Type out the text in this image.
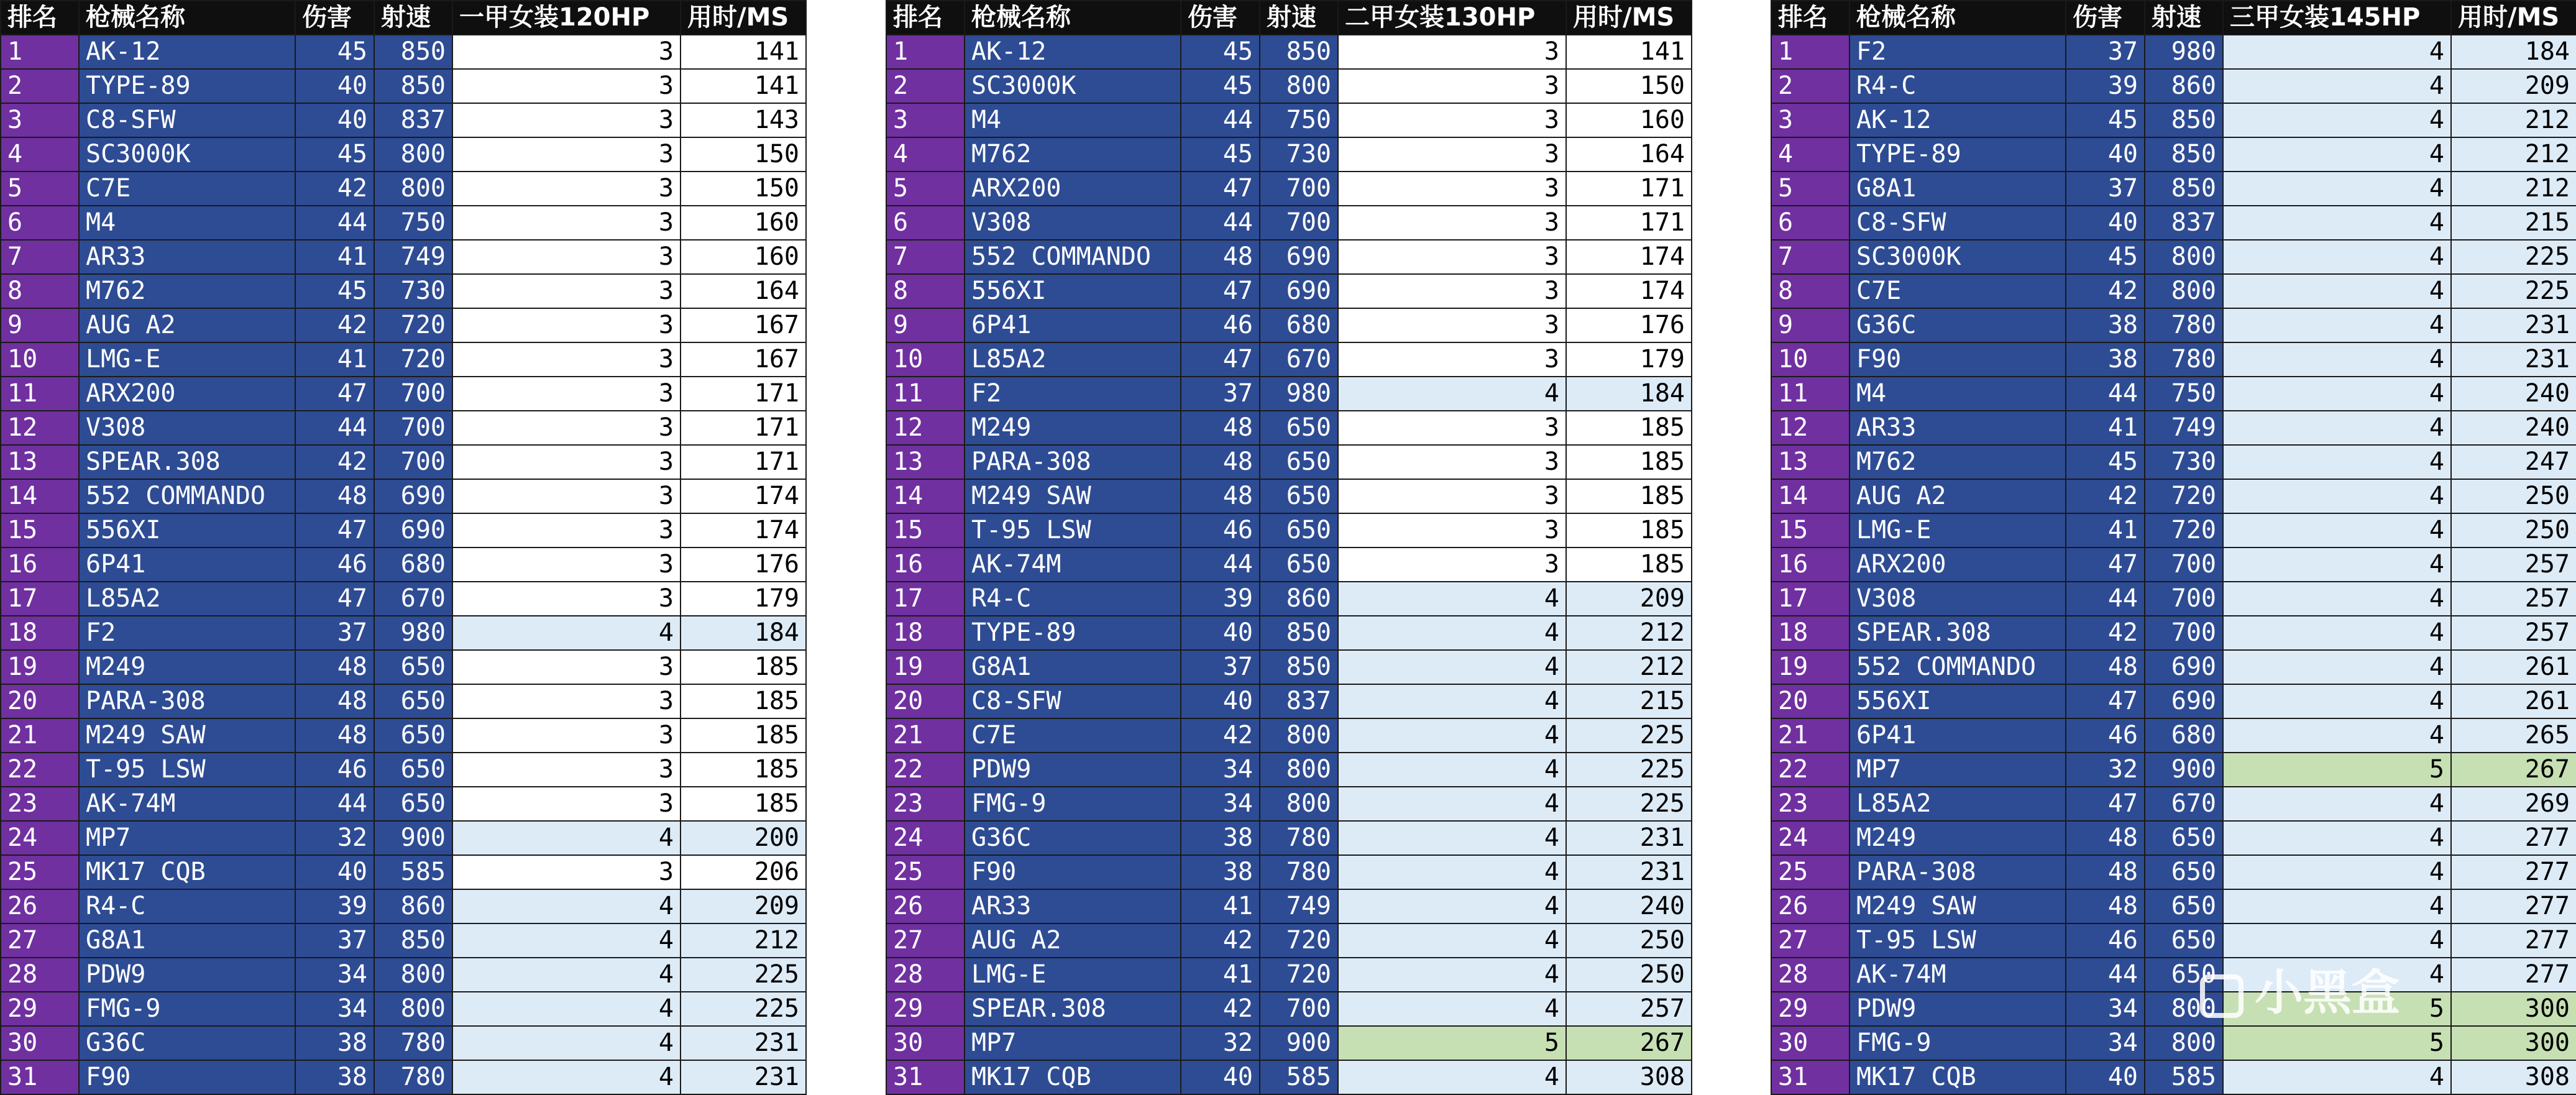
排名	枪械名称	伤害	射速	一甲女装120HP	用时/MS
1	AK-12	45	850	3	141
2	TYPE-89	40	850	3	141
3	C8-SFW	40	837	3	143
4	SC3000K	45	800	3	150
5	C7E	42	800	3	150
6	M4	44	750	3	160
7	AR33	41	749	3	160
8	M762	45	730	3	164
9	AUG A2	42	720	3	167
10	LMG-E	41	720	3	167
11	ARX200	47	700	3	171
12	V308	44	700	3	171
13	SPEAR.308	42	700	3	171
14	552 COMMANDO	48	690	3	174
15	556XI	47	690	3	174
16	6P41	46	680	3	176
17	L85A2	47	670	3	179
18	F2	37	980	4	184
19	M249	48	650	3	185
20	PARA-308	48	650	3	185
21	M249 SAW	48	650	3	185
22	T-95 LSW	46	650	3	185
23	AK-74M	44	650	3	185
24	MP7	32	900	4	200
25	MK17 CQB	40	585	3	206
26	R4-C	39	860	4	209
27	G8A1	37	850	4	212
28	PDW9	34	800	4	225
29	FMG-9	34	800	4	225
30	G36C	38	780	4	231
31	F90	38	780	4	231
排名	枪械名称	伤害	射速	二甲女装130HP	用时/MS
1	AK-12	45	850	3	141
2	SC3000K	45	800	3	150
3	M4	44	750	3	160
4	M762	45	730	3	164
5	ARX200	47	700	3	171
6	V308	44	700	3	171
7	552 COMMANDO	48	690	3	174
8	556XI	47	690	3	174
9	6P41	46	680	3	176
10	L85A2	47	670	3	179
11	F2	37	980	4	184
12	M249	48	650	3	185
13	PARA-308	48	650	3	185
14	M249 SAW	48	650	3	185
15	T-95 LSW	46	650	3	185
16	AK-74M	44	650	3	185
17	R4-C	39	860	4	209
18	TYPE-89	40	850	4	212
19	G8A1	37	850	4	212
20	C8-SFW	40	837	4	215
21	C7E	42	800	4	225
22	PDW9	34	800	4	225
23	FMG-9	34	800	4	225
24	G36C	38	780	4	231
25	F90	38	780	4	231
26	AR33	41	749	4	240
27	AUG A2	42	720	4	250
28	LMG-E	41	720	4	250
29	SPEAR.308	42	700	4	257
30	MP7	32	900	5	267
31	MK17 CQB	40	585	4	308
排名	枪械名称	伤害	射速	三甲女装145HP	用时/MS
1	F2	37	980	4	184
2	R4-C	39	860	4	209
3	AK-12	45	850	4	212
4	TYPE-89	40	850	4	212
5	G8A1	37	850	4	212
6	C8-SFW	40	837	4	215
7	SC3000K	45	800	4	225
8	C7E	42	800	4	225
9	G36C	38	780	4	231
10	F90	38	780	4	231
11	M4	44	750	4	240
12	AR33	41	749	4	240
13	M762	45	730	4	247
14	AUG A2	42	720	4	250
15	LMG-E	41	720	4	250
16	ARX200	47	700	4	257
17	V308	44	700	4	257
18	SPEAR.308	42	700	4	257
19	552 COMMANDO	48	690	4	261
20	556XI	47	690	4	261
21	6P41	46	680	4	265
22	MP7	32	900	5	267
23	L85A2	47	670	4	269
24	M249	48	650	4	277
25	PARA-308	48	650	4	277
26	M249 SAW	48	650	4	277
27	T-95 LSW	46	650	4	277
28	AK-74M	44	650	4	277
29	PDW9	34	800	5	300
30	FMG-9	34	800	5	300
31	MK17 CQB	40	585	4	308
小黑盒
